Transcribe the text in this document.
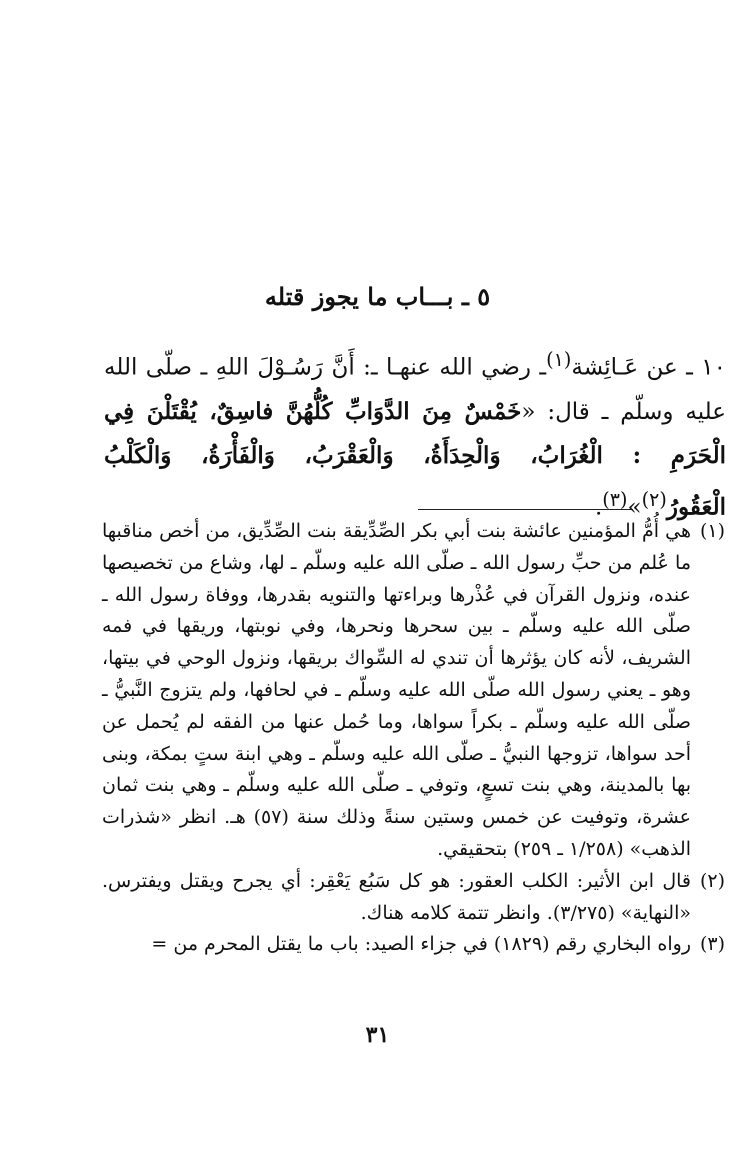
٥ ـ بـــاب ما يجوز قتله
١٠ ـ عن عَـائِشة$^{(١)}$ـ رضي الله عنهـا ـ: أَنَّ رَسُـوْلَ اللهِ ـ صلّى الله عليه وسلّم ـ قال: «خَمْسٌ مِنَ الدَّوَابِّ كُلُّهُنَّ فاسِقٌ، يُقْتَلْنَ فِي الْحَرَمِ : الْغُرَابُ، وَالْحِدَأَةُ، وَالْعَقْرَبُ، وَالْفَأْرَةُ، وَالْكَلْبُ الْعَقُورُ$^{(٢)}$»$^{(٣)}$.

(١)
هي أُمُّ المؤمنين عائشة بنت أبي بكر الصِّدِّيقة بنت الصِّدِّيق، من أخص مناقبها ما عُلم من حبِّ رسول الله ـ صلّى الله عليه وسلّم ـ لها، وشاع من تخصيصها عنده، ونزول القرآن في عُذْرها وبراءتها والتنويه بقدرها، ووفاة رسول الله ـ صلّى الله عليه وسلّم ـ بين سحرها ونحرها، وفي نوبتها، وريقها في فمه الشريف، لأنه كان يؤثرها أن تندي له السِّواك بريقها، ونزول الوحي في بيتها، وهو ـ يعني رسول الله صلّى الله عليه وسلّم ـ في لحافها، ولم يتزوج النَّبيُّ ـ صلّى الله عليه وسلّم ـ بكراً سواها، وما حُمل عنها من الفقه لم يُحمل عن أحد سواها، تزوجها النبيُّ ـ صلّى الله عليه وسلّم ـ وهي ابنة ستٍ بمكة، وبنى بها بالمدينة، وهي بنت تسعٍ، وتوفي ـ صلّى الله عليه وسلّم ـ وهي بنت ثمان عشرة، وتوفيت عن خمس وستين سنةً وذلك سنة (٥٧) هـ. انظر «شذرات الذهب» (١/٢٥٨ ـ ٢٥٩) بتحقيقي.

(٢)
قال ابن الأثير: الكلب العقور: هو كل سَبُع يَعْقِر: أي يجرح ويقتل ويفترس. «النهاية» (٣/٢٧٥). وانظر تتمة كلامه هناك.

(٣)
رواه البخاري رقم (١٨٢٩) في جزاء الصيد: باب ما يقتل المحرم من =

٣١
